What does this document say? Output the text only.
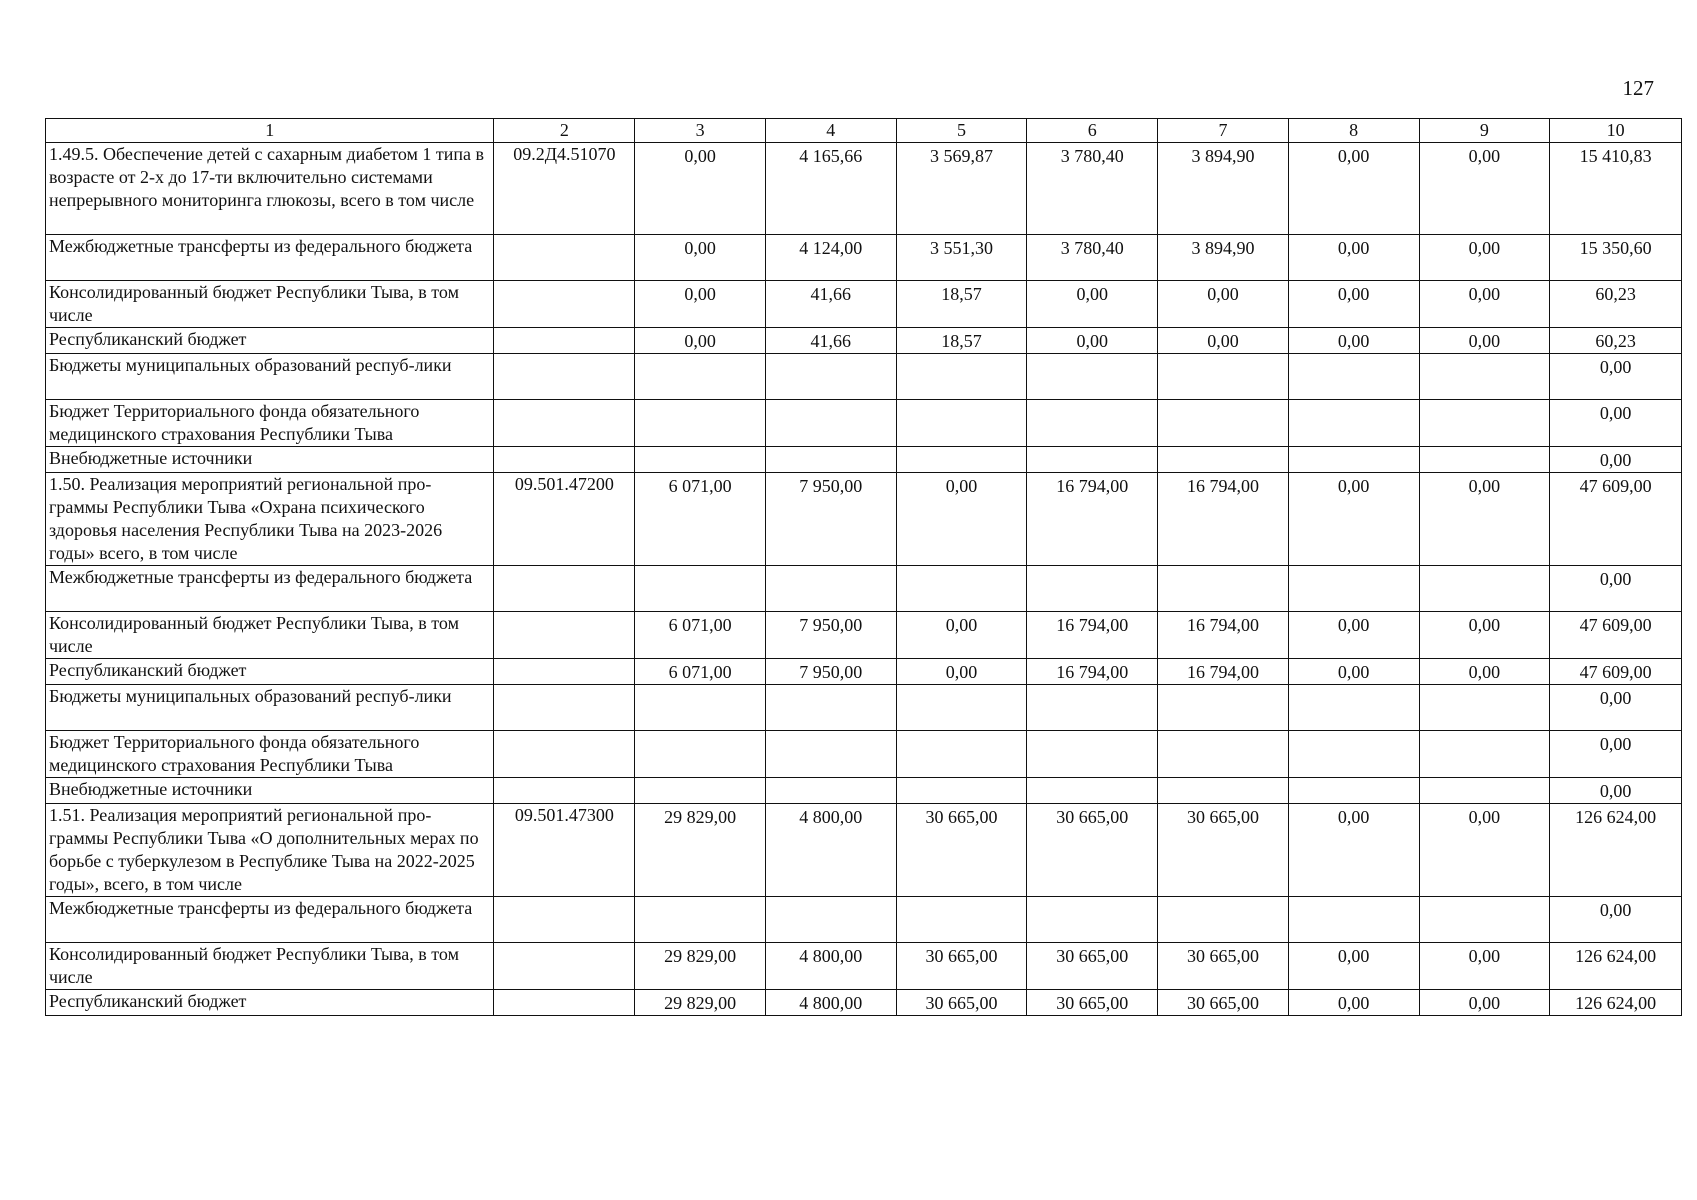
127
1	2	3	4	5	6	7	8	9	10
1.49.5. Обеспечение детей с сахарным диабетом 1 типа в возрасте от 2-х до 17-ти включительно системами непрерывного мониторинга глюкозы, всего в том числе	09.2Д4.51070	0,00	4 165,66	3 569,87	3 780,40	3 894,90	0,00	0,00	15 410,83
Межбюджетные трансферты из федерального бюджета		0,00	4 124,00	3 551,30	3 780,40	3 894,90	0,00	0,00	15 350,60
Консолидированный бюджет Республики Тыва, в том числе		0,00	41,66	18,57	0,00	0,00	0,00	0,00	60,23
Республиканский бюджет		0,00	41,66	18,57	0,00	0,00	0,00	0,00	60,23
Бюджеты муниципальных образований респуб-лики									0,00
Бюджет Территориального фонда обязательного медицинского страхования Республики Тыва									0,00
Внебюджетные источники									0,00
1.50. Реализация мероприятий региональной про-граммы Республики Тыва «Охрана психического здоровья населения Республики Тыва на 2023-2026 годы» всего, в том числе	09.501.47200	6 071,00	7 950,00	0,00	16 794,00	16 794,00	0,00	0,00	47 609,00
Межбюджетные трансферты из федерального бюджета									0,00
Консолидированный бюджет Республики Тыва, в том числе		6 071,00	7 950,00	0,00	16 794,00	16 794,00	0,00	0,00	47 609,00
Республиканский бюджет		6 071,00	7 950,00	0,00	16 794,00	16 794,00	0,00	0,00	47 609,00
Бюджеты муниципальных образований респуб-лики									0,00
Бюджет Территориального фонда обязательного медицинского страхования Республики Тыва									0,00
Внебюджетные источники									0,00
1.51. Реализация мероприятий региональной про-граммы Республики Тыва «О дополнительных мерах по борьбе с туберкулезом в Республике Тыва на 2022-2025 годы», всего, в том числе	09.501.47300	29 829,00	4 800,00	30 665,00	30 665,00	30 665,00	0,00	0,00	126 624,00
Межбюджетные трансферты из федерального бюджета									0,00
Консолидированный бюджет Республики Тыва, в том числе		29 829,00	4 800,00	30 665,00	30 665,00	30 665,00	0,00	0,00	126 624,00
Республиканский бюджет		29 829,00	4 800,00	30 665,00	30 665,00	30 665,00	0,00	0,00	126 624,00
